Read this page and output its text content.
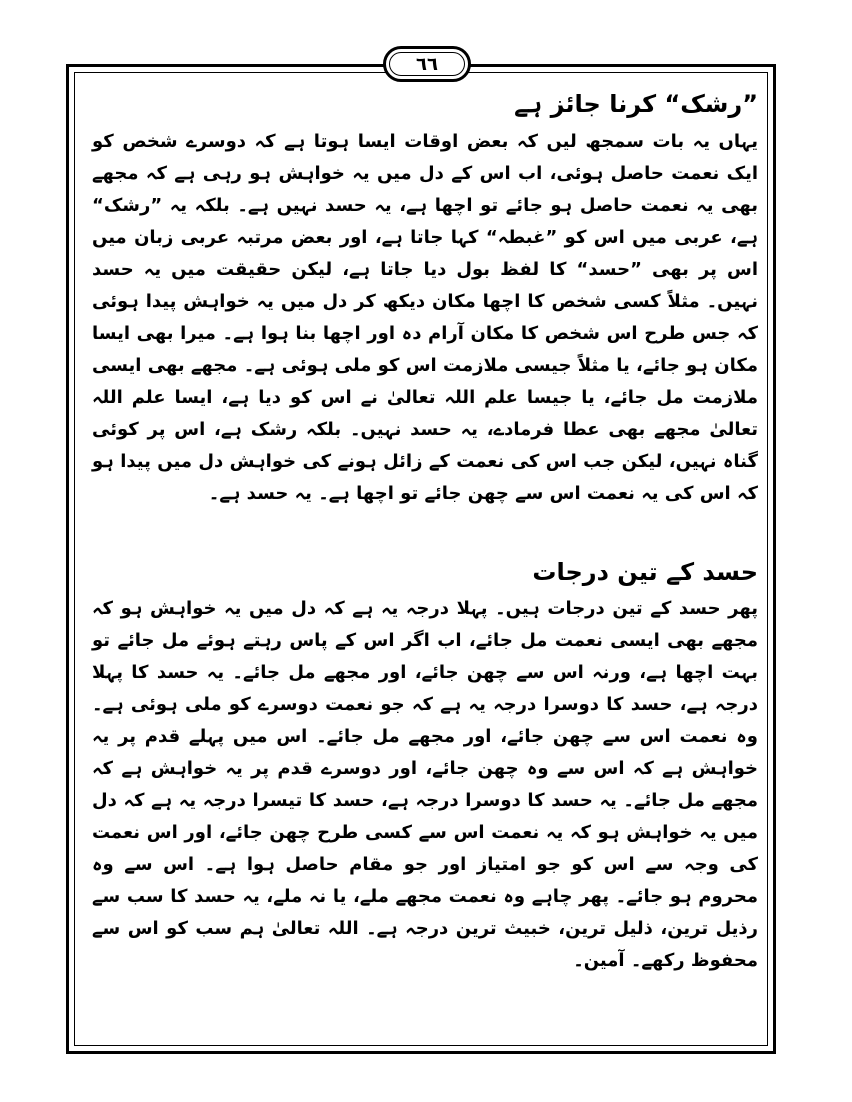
٦٦
”رشک“ کرنا جائز ہے

یہاں یہ بات سمجھ لیں کہ بعض اوقات ایسا ہوتا ہے کہ دوسرے شخص کو ایک نعمت حاصل ہوئی، اب اس کے دل میں یہ خواہش ہو رہی ہے کہ مجھے بھی یہ نعمت حاصل ہو جائے تو اچھا ہے، یہ حسد نہیں ہے۔ بلکہ یہ ”رشک“ ہے، عربی میں اس کو ”غبطہ“ کہا جاتا ہے، اور بعض مرتبہ عربی زبان میں اس پر بھی ”حسد“ کا لفظ بول دیا جاتا ہے، لیکن حقیقت میں یہ حسد نہیں۔ مثلاً کسی شخص کا اچھا مکان دیکھ کر دل میں یہ خواہش پیدا ہوئی کہ جس طرح اس شخص کا مکان آرام دہ اور اچھا بنا ہوا ہے۔ میرا بھی ایسا مکان ہو جائے، یا مثلاً جیسی ملازمت اس کو ملی ہوئی ہے۔ مجھے بھی ایسی ملازمت مل جائے، یا جیسا علم اللہ تعالیٰ نے اس کو دیا ہے، ایسا علم اللہ تعالیٰ مجھے بھی عطا فرمادے، یہ حسد نہیں۔ بلکہ رشک ہے، اس پر کوئی گناہ نہیں، لیکن جب اس کی نعمت کے زائل ہونے کی خواہش دل میں پیدا ہو کہ اس کی یہ نعمت اس سے چھن جائے تو اچھا ہے۔ یہ حسد ہے۔

حسد کے تین درجات

پھر حسد کے تین درجات ہیں۔ پہلا درجہ یہ ہے کہ دل میں یہ خواہش ہو کہ مجھے بھی ایسی نعمت مل جائے، اب اگر اس کے پاس رہتے ہوئے مل جائے تو بہت اچھا ہے، ورنہ اس سے چھن جائے، اور مجھے مل جائے۔ یہ حسد کا پہلا درجہ ہے، حسد کا دوسرا درجہ یہ ہے کہ جو نعمت دوسرے کو ملی ہوئی ہے۔ وہ نعمت اس سے چھن جائے، اور مجھے مل جائے۔ اس میں پہلے قدم پر یہ خواہش ہے کہ اس سے وہ چھن جائے، اور دوسرے قدم پر یہ خواہش ہے کہ مجھے مل جائے۔ یہ حسد کا دوسرا درجہ ہے، حسد کا تیسرا درجہ یہ ہے کہ دل میں یہ خواہش ہو کہ یہ نعمت اس سے کسی طرح چھن جائے، اور اس نعمت کی وجہ سے اس کو جو امتیاز اور جو مقام حاصل ہوا ہے۔ اس سے وہ محروم ہو جائے۔ پھر چاہے وہ نعمت مجھے ملے، یا نہ ملے، یہ حسد کا سب سے رذیل ترین، ذلیل ترین، خبیث ترین درجہ ہے۔ اللہ تعالیٰ ہم سب کو اس سے محفوظ رکھے۔ آمین۔
